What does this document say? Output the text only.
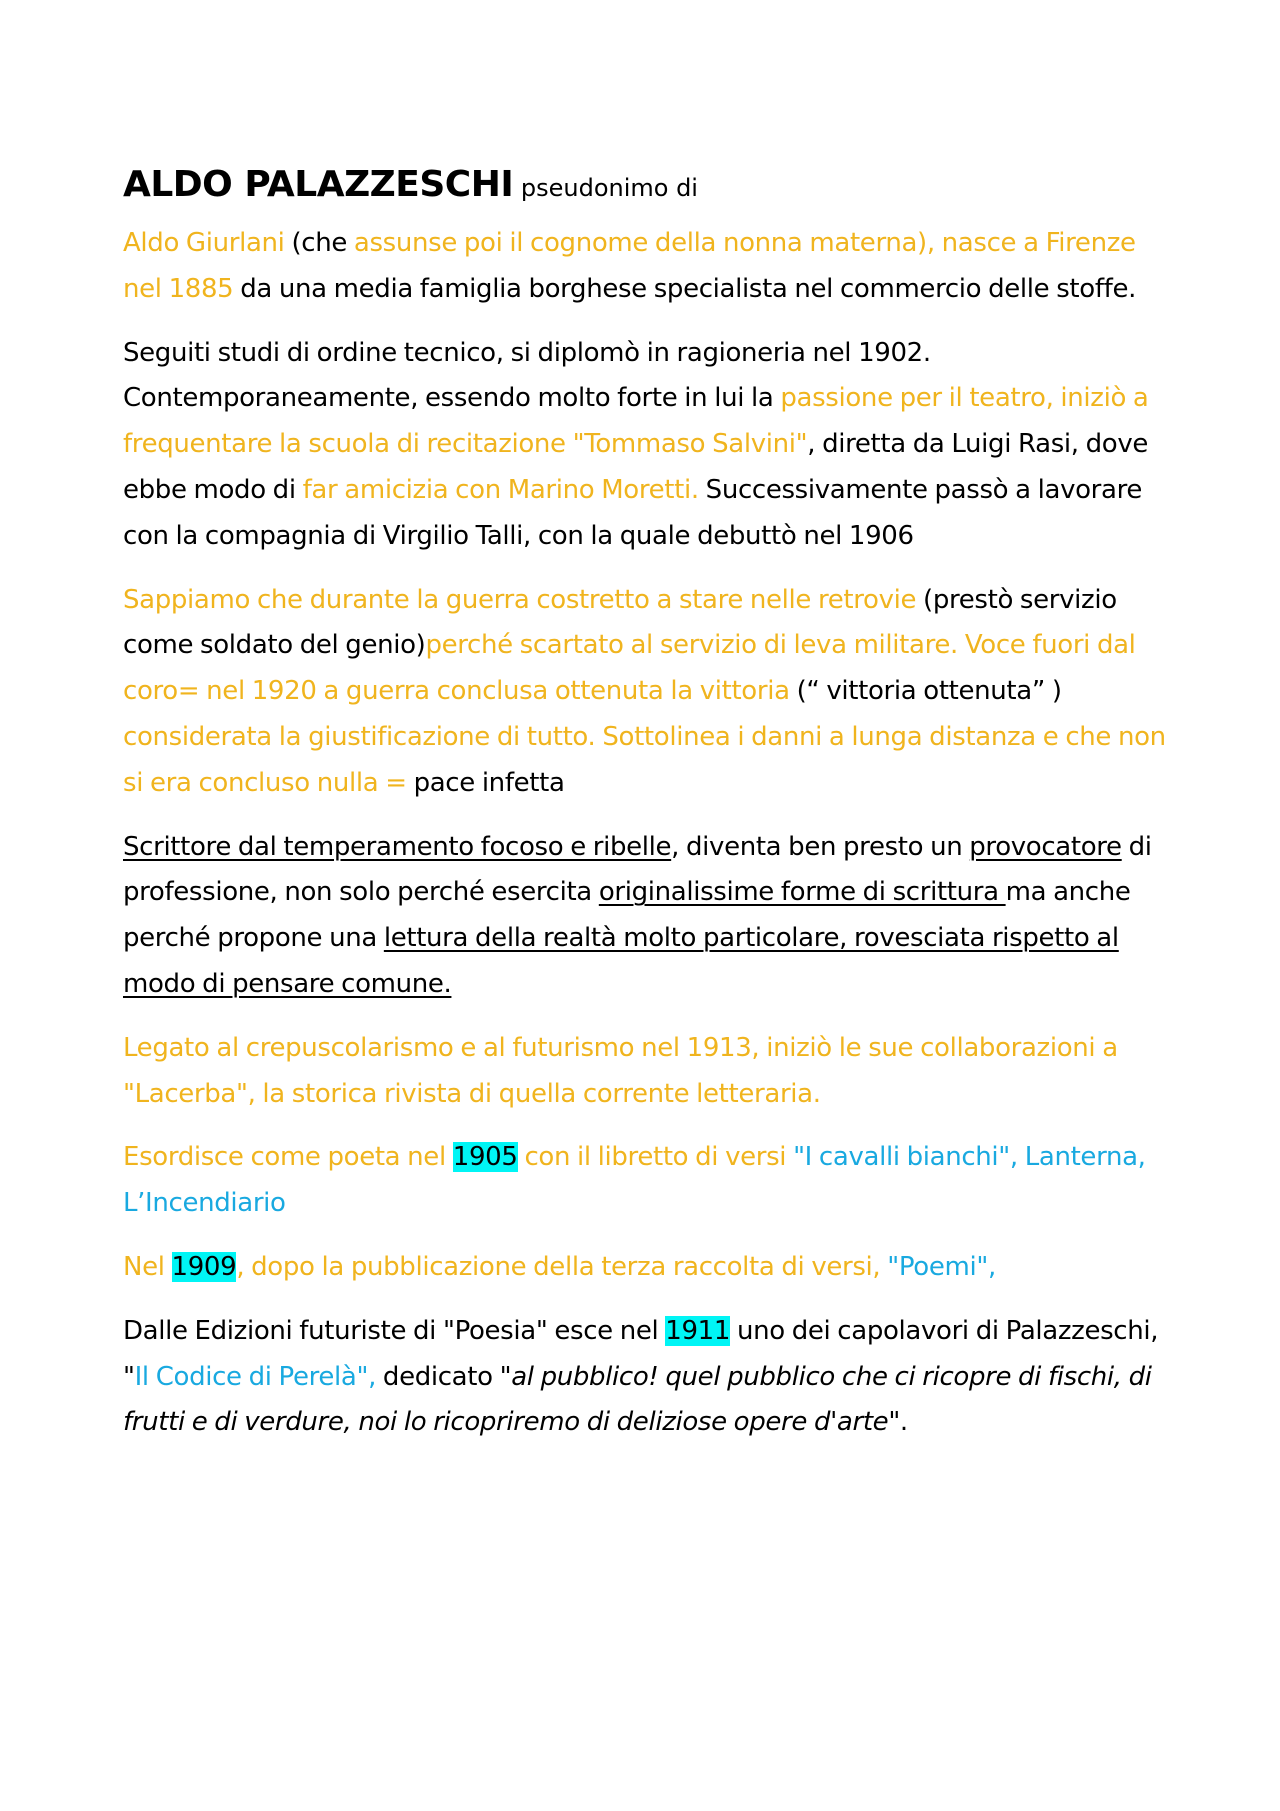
ALDO PALAZZESCHI pseudonimo di
Aldo Giurlani (che assunse poi il cognome della nonna materna), nasce a Firenze nel 1885 da una media famiglia borghese specialista nel commercio delle stoffe.
Seguiti studi di ordine tecnico, si diplomò in ragioneria nel 1902. Contemporaneamente, essendo molto forte in lui la passione per il teatro, iniziò a frequentare la scuola di recitazione "Tommaso Salvini", diretta da Luigi Rasi, dove ebbe modo di far amicizia con Marino Moretti. Successivamente passò a lavorare con la compagnia di Virgilio Talli, con la quale debuttò nel 1906
Sappiamo che durante la guerra costretto a stare nelle retrovie (prestò servizio come soldato del genio)perché scartato al servizio di leva militare. Voce fuori dal coro= nel 1920 a guerra conclusa ottenuta la vittoria (“ vittoria ottenuta” ) considerata la giustificazione di tutto. Sottolinea i danni a lunga distanza e che non si era concluso nulla = pace infetta
Scrittore dal temperamento focoso e ribelle, diventa ben presto un provocatore di professione, non solo perché esercita originalissime forme di scrittura ma anche perché propone una lettura della realtà molto particolare, rovesciata rispetto al modo di pensare comune.
Legato al crepuscolarismo e al futurismo nel 1913, iniziò le sue collaborazioni a "Lacerba", la storica rivista di quella corrente letteraria.
Esordisce come poeta nel 1905 con il libretto di versi "I cavalli bianchi", Lanterna, L’Incendiario
Nel 1909, dopo la pubblicazione della terza raccolta di versi, "Poemi",
Dalle Edizioni futuriste di "Poesia" esce nel 1911 uno dei capolavori di Palazzeschi, "Il Codice di Perelà", dedicato "al pubblico! quel pubblico che ci ricopre di fischi, di frutti e di verdure, noi lo ricopriremo di deliziose opere d'arte".
